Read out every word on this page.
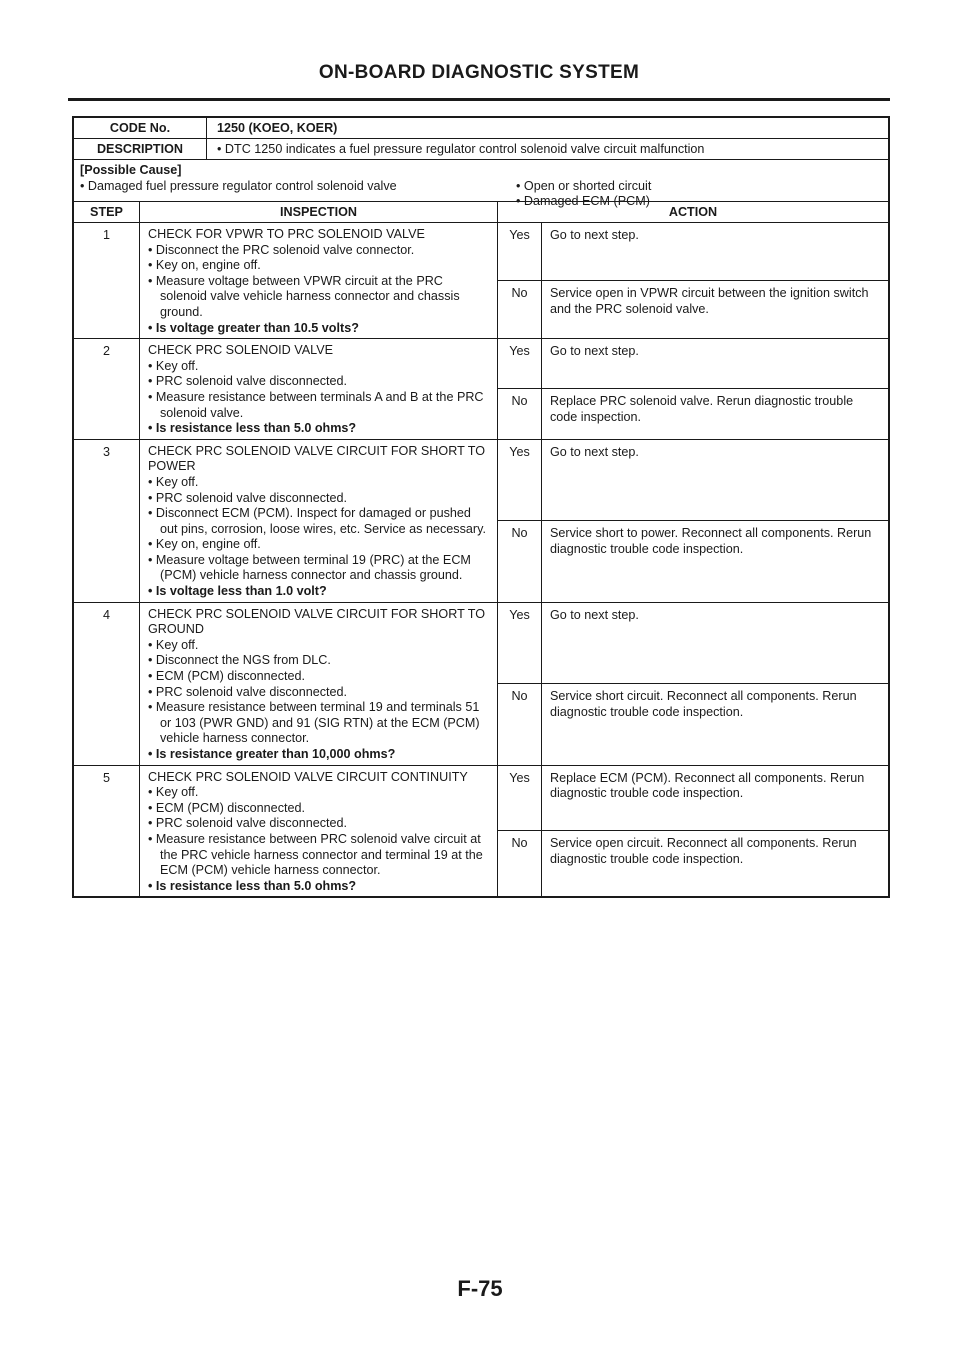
ON-BOARD DIAGNOSTIC SYSTEM
CODE No.	1250 (KOEO, KOER)
DESCRIPTION	• DTC 1250 indicates a fuel pressure regulator control solenoid valve circuit malfunction
[Possible Cause]
• Damaged fuel pressure regulator control solenoid valve	• Open or shorted circuit
• Damaged ECM (PCM)
STEP	INSPECTION	ACTION
1	CHECK FOR VPWR TO PRC SOLENOID VALVE
• Disconnect the PRC solenoid valve connector.
• Key on, engine off.
• Measure voltage between VPWR circuit at the PRC solenoid valve vehicle harness connector and chassis ground.
• Is voltage greater than 10.5 volts?
Yes	Go to next step.
No	Service open in VPWR circuit between the ignition switch and the PRC solenoid valve.
2	CHECK PRC SOLENOID VALVE
• Key off.
• PRC solenoid valve disconnected.
• Measure resistance between terminals A and B at the PRC solenoid valve.
• Is resistance less than 5.0 ohms?
Yes	Go to next step.
No	Replace PRC solenoid valve. Rerun diagnostic trouble code inspection.
3	CHECK PRC SOLENOID VALVE CIRCUIT FOR SHORT TO POWER
• Key off.
• PRC solenoid valve disconnected.
• Disconnect ECM (PCM). Inspect for damaged or pushed out pins, corrosion, loose wires, etc. Service as necessary.
• Key on, engine off.
• Measure voltage between terminal 19 (PRC) at the ECM (PCM) vehicle harness connector and chassis ground.
• Is voltage less than 1.0 volt?
Yes	Go to next step.
No	Service short to power. Reconnect all components. Rerun diagnostic trouble code inspection.
4	CHECK PRC SOLENOID VALVE CIRCUIT FOR SHORT TO GROUND
• Key off.
• Disconnect the NGS from DLC.
• ECM (PCM) disconnected.
• PRC solenoid valve disconnected.
• Measure resistance between terminal 19 and terminals 51 or 103 (PWR GND) and 91 (SIG RTN) at the ECM (PCM) vehicle harness connector.
• Is resistance greater than 10,000 ohms?
Yes	Go to next step.
No	Service short circuit. Reconnect all components. Rerun diagnostic trouble code inspection.
5	CHECK PRC SOLENOID VALVE CIRCUIT CONTINUITY
• Key off.
• ECM (PCM) disconnected.
• PRC solenoid valve disconnected.
• Measure resistance between PRC solenoid valve circuit at the PRC vehicle harness connector and terminal 19 at the ECM (PCM) vehicle harness connector.
• Is resistance less than 5.0 ohms?
Yes	Replace ECM (PCM). Reconnect all components. Rerun diagnostic trouble code inspection.
No	Service open circuit. Reconnect all components. Rerun diagnostic trouble code inspection.
F-75
